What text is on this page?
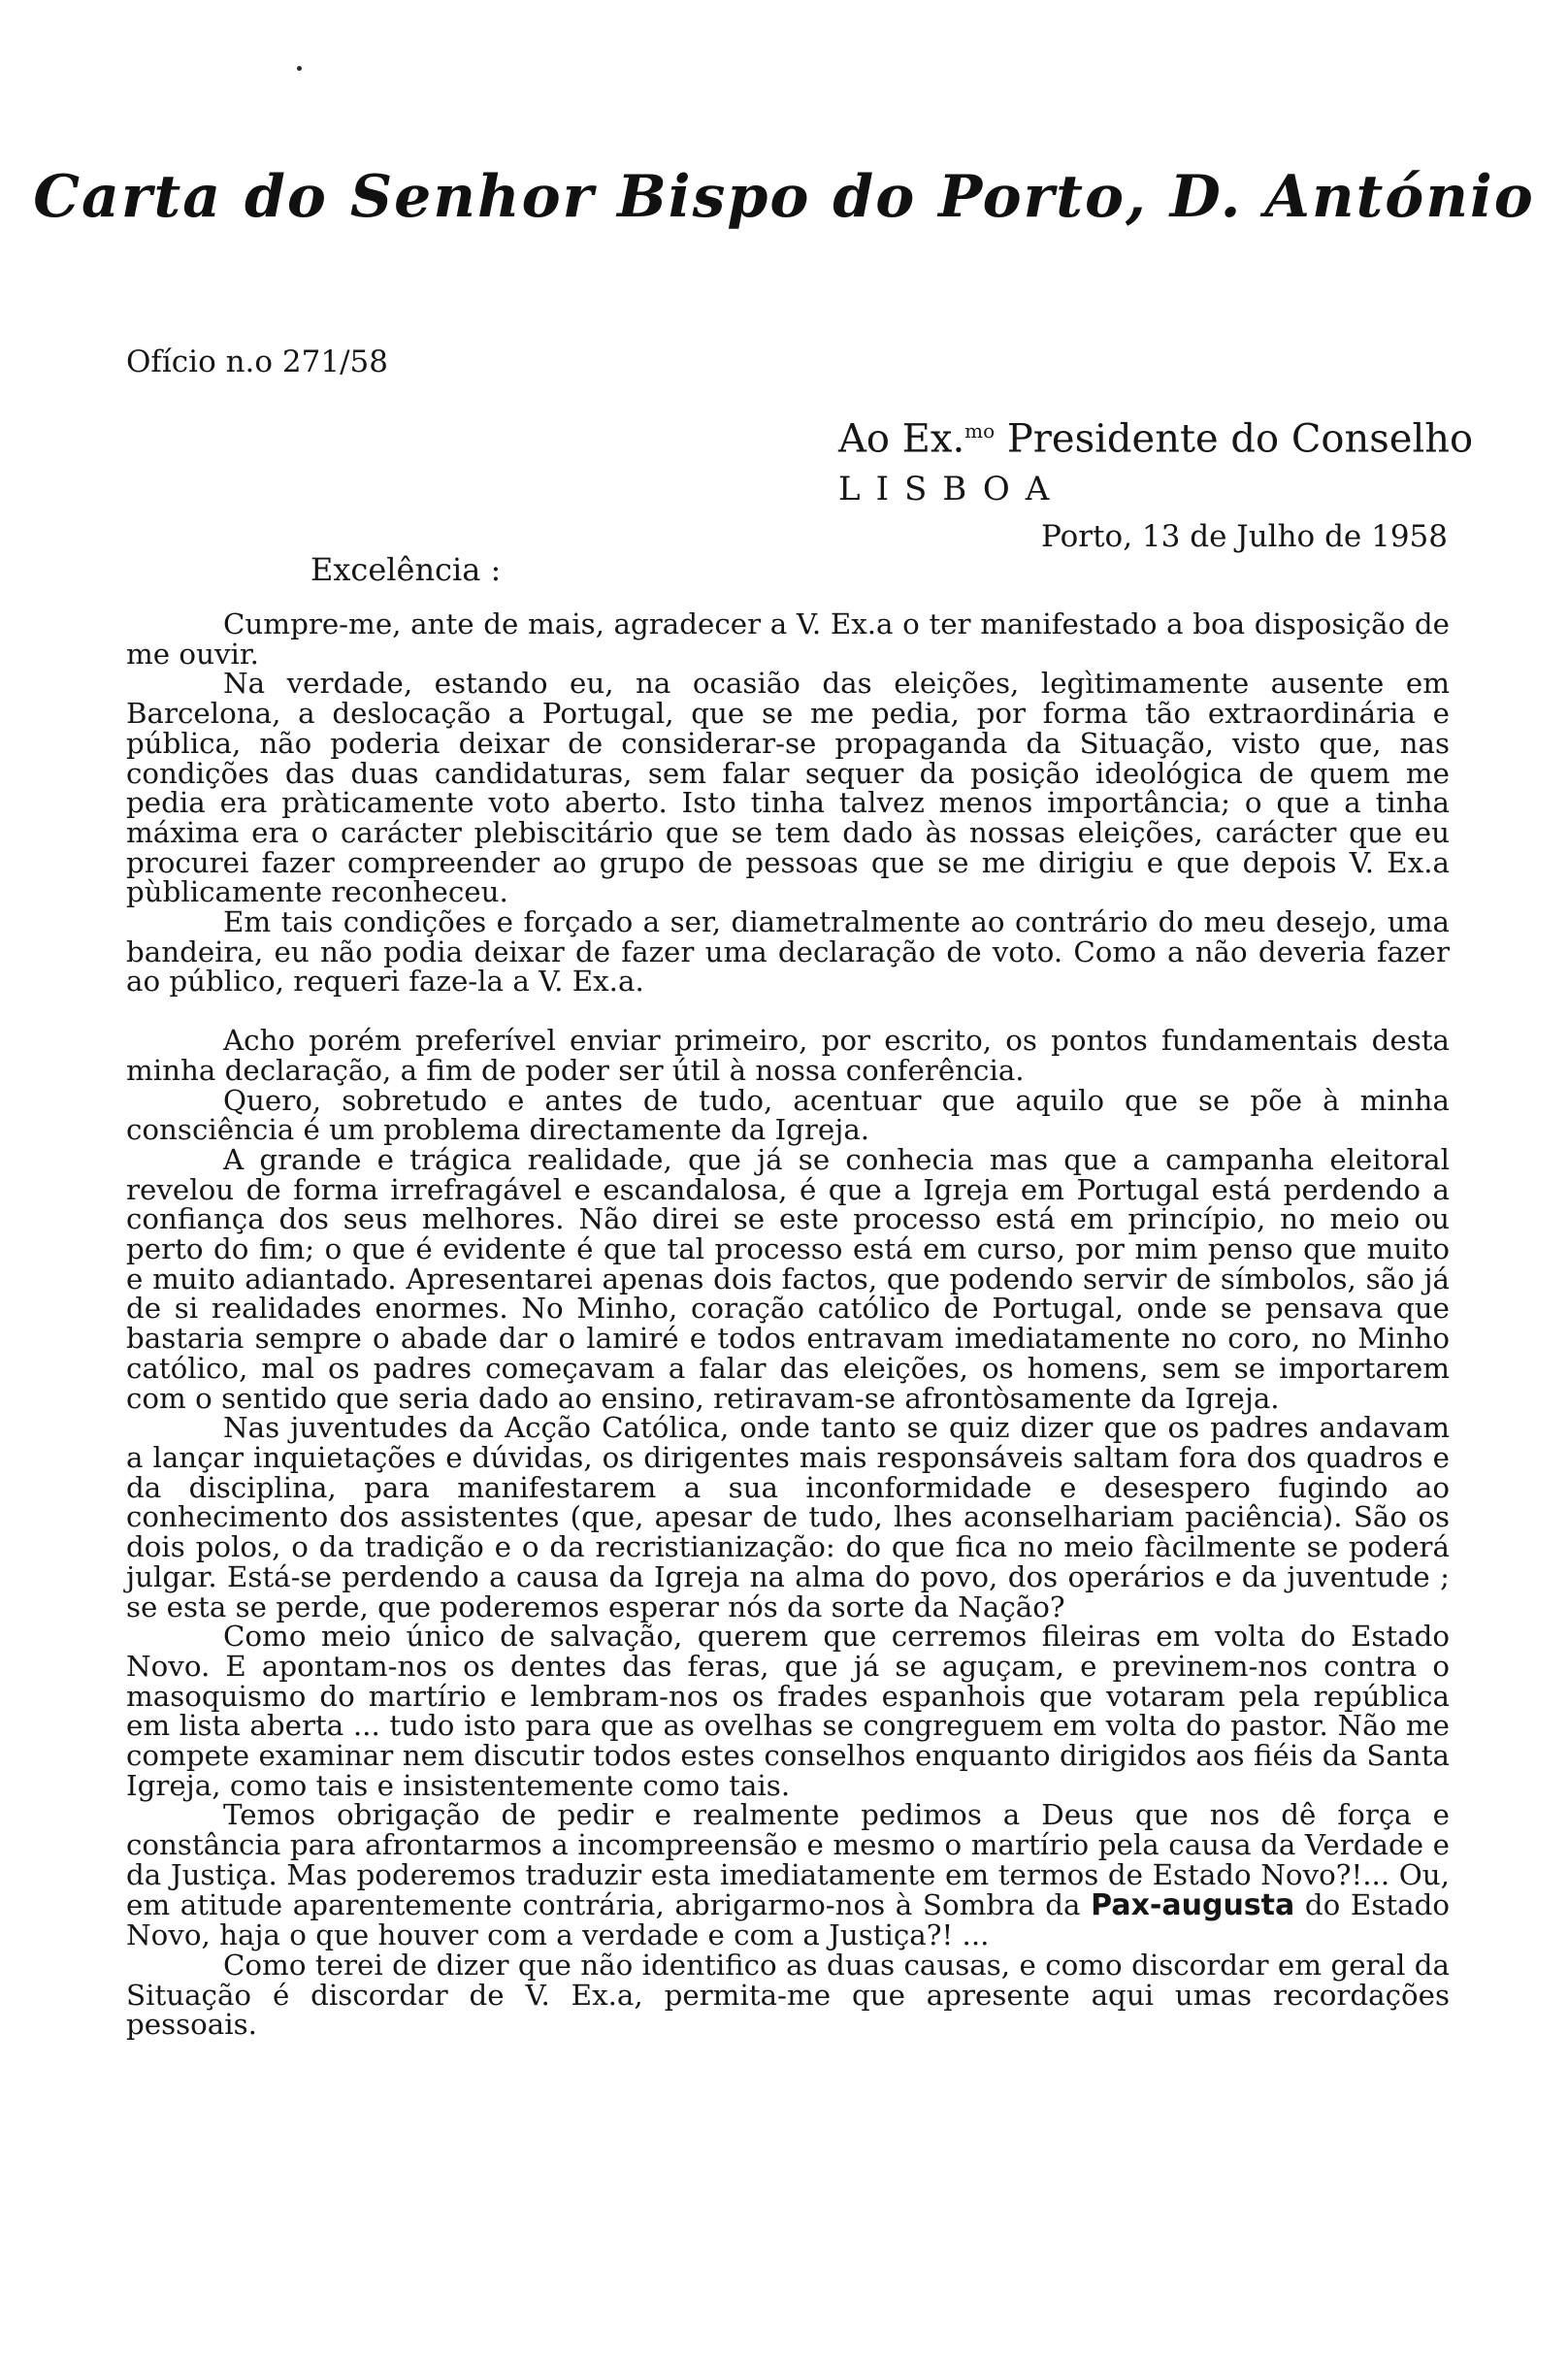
Carta do Senhor Bispo do Porto, D. António
Ofício n.o 271/58
Ao Ex.$^{mo}$ Presidente do Conselho
LISBOA
Porto, 13 de Julho de 1958
Excelência :

Cumpre-me, ante de mais, agradecer a V. Ex.a o ter manifestado a boa disposição de me ouvir.

Na verdade, estando eu, na ocasião das eleições, legìtimamente ausente em Barcelona, a deslocação a Portugal, que se me pedia, por forma tão extraordinária e pública, não poderia deixar de considerar-se propaganda da Situação, visto que, nas condições das duas candidaturas, sem falar sequer da posição ideológica de quem me pedia era pràticamente voto aberto. Isto tinha talvez menos importância; o que a tinha máxima era o carácter plebiscitário que se tem dado às nossas eleições, carácter que eu procurei fazer compreender ao grupo de pessoas que se me dirigiu e que depois V. Ex.a pùblicamente reconheceu.

Em tais condições e forçado a ser, diametralmente ao contrário do meu desejo, uma bandeira, eu não podia deixar de fazer uma declaração de voto. Como a não deveria fazer ao público, requeri faze-la a V. Ex.a.

Acho porém preferível enviar primeiro, por escrito, os pontos fundamentais desta minha declaração, a fim de poder ser útil à nossa conferência.

Quero, sobretudo e antes de tudo, acentuar que aquilo que se põe à minha consciência é um problema directamente da Igreja.

A grande e trágica realidade, que já se conhecia mas que a campanha eleitoral revelou de forma irrefragável e escandalosa, é que a Igreja em Portugal está perdendo a confiança dos seus melhores. Não direi se este processo está em princípio, no meio ou perto do fim; o que é evidente é que tal processo está em curso, por mim penso que muito e muito adiantado. Apresentarei apenas dois factos, que podendo servir de símbolos, são já de si realidades enormes. No Minho, coração católico de Portugal, onde se pensava que bastaria sempre o abade dar o lamiré e todos entravam imediatamente no coro, no Minho católico, mal os padres começavam a falar das eleições, os homens, sem se importarem com o sentido que seria dado ao ensino, retiravam-se afrontòsamente da Igreja.

Nas juventudes da Acção Católica, onde tanto se quiz dizer que os padres andavam a lançar inquietações e dúvidas, os dirigentes mais responsáveis saltam fora dos quadros e da disciplina, para manifestarem a sua inconformidade e desespero fugindo ao conhecimento dos assistentes (que, apesar de tudo, lhes aconselhariam paciência). São os dois polos, o da tradição e o da recristianização: do que fica no meio fàcilmente se poderá julgar. Está-se perdendo a causa da Igreja na alma do povo, dos operários e da juventude ; se esta se perde, que poderemos esperar nós da sorte da Nação?

Como meio único de salvação, querem que cerremos fileiras em volta do Estado Novo. E apontam-nos os dentes das feras, que já se aguçam, e previnem-nos contra o masoquismo do martírio e lembram-nos os frades espanhois que votaram pela república em lista aberta ... tudo isto para que as ovelhas se congreguem em volta do pastor. Não me compete examinar nem discutir todos estes conselhos enquanto dirigidos aos fiéis da Santa Igreja, como tais e insistentemente como tais.

Temos obrigação de pedir e realmente pedimos a Deus que nos dê força e constância para afrontarmos a incompreensão e mesmo o martírio pela causa da Verdade e da Justiça. Mas poderemos traduzir esta imediatamente em termos de Estado Novo?!... Ou, em atitude aparentemente contrária, abrigarmo-nos à Sombra da Pax-augusta do Estado Novo, haja o que houver com a verdade e com a Justiça?! ...

Como terei de dizer que não identifico as duas causas, e como discordar em geral da Situação é discordar de V. Ex.a, permita-me que apresente aqui umas recordações pessoais.
